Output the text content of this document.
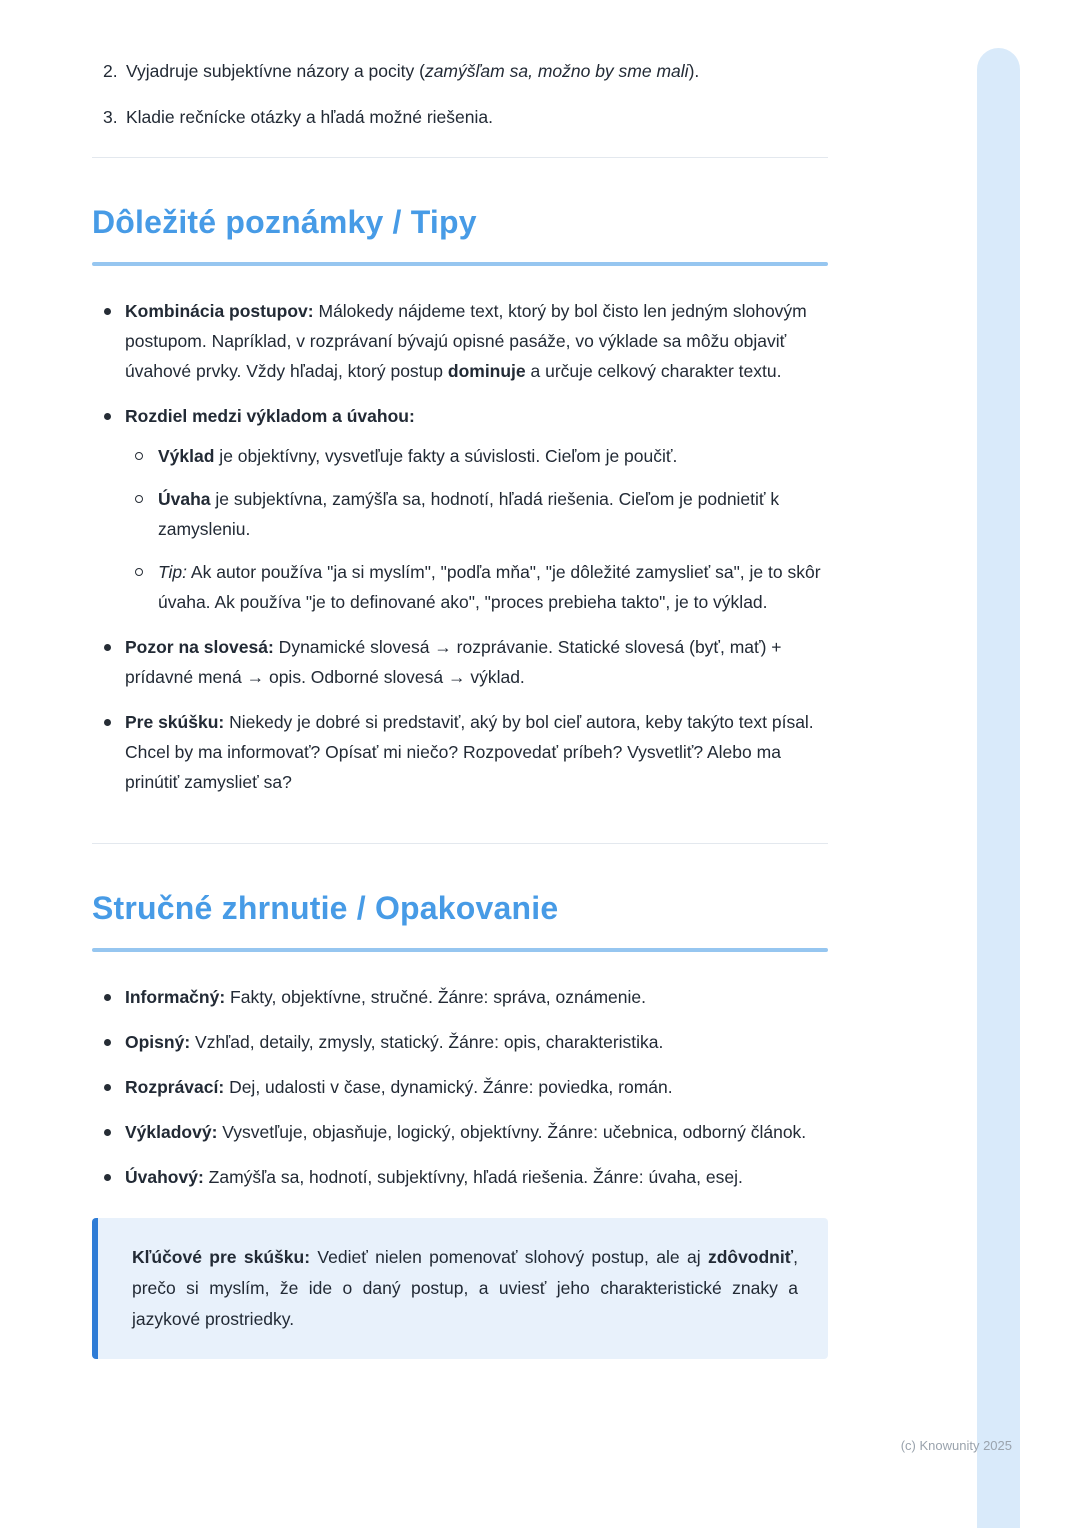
2. Vyjadruje subjektívne názory a pocity (zamýšľam sa, možno by sme mali).
3. Kladie rečnícke otázky a hľadá možné riešenia.
Dôležité poznámky / Tipy
Kombinácia postupov: Málokedy nájdeme text, ktorý by bol čisto len jedným slohovým postupom. Napríklad, v rozprávaní bývajú opisné pasáže, vo výklade sa môžu objaviť úvahové prvky. Vždy hľadaj, ktorý postup dominuje a určuje celkový charakter textu.
Rozdiel medzi výkladom a úvahou:
Výklad je objektívny, vysvetľuje fakty a súvislosti. Cieľom je poučiť.
Úvaha je subjektívna, zamýšľa sa, hodnotí, hľadá riešenia. Cieľom je podnietiť k zamysleniu.
Tip: Ak autor používa "ja si myslím", "podľa mňa", "je dôležité zamyslieť sa", je to skôr úvaha. Ak používa "je to definované ako", "proces prebieha takto", je to výklad.
Pozor na slovesá: Dynamické slovesá → rozprávanie. Statické slovesá (byť, mať) + prídavné mená → opis. Odborné slovesá → výklad.
Pre skúšku: Niekedy je dobré si predstaviť, aký by bol cieľ autora, keby takýto text písal. Chcel by ma informovať? Opísať mi niečo? Rozpovedať príbeh? Vysvetliť? Alebo ma prinútiť zamyslieť sa?
Stručné zhrnutie / Opakovanie
Informačný: Fakty, objektívne, stručné. Žánre: správa, oznámenie.
Opisný: Vzhľad, detaily, zmysly, statický. Žánre: opis, charakteristika.
Rozprávací: Dej, udalosti v čase, dynamický. Žánre: poviedka, román.
Výkladový: Vysvetľuje, objasňuje, logický, objektívny. Žánre: učebnica, odborný článok.
Úvahový: Zamýšľa sa, hodnotí, subjektívny, hľadá riešenia. Žánre: úvaha, esej.
Kľúčové pre skúšku: Vedieť nielen pomenovať slohový postup, ale aj zdôvodniť, prečo si myslím, že ide o daný postup, a uviesť jeho charakteristické znaky a jazykové prostriedky.
(c) Knowunity 2025
